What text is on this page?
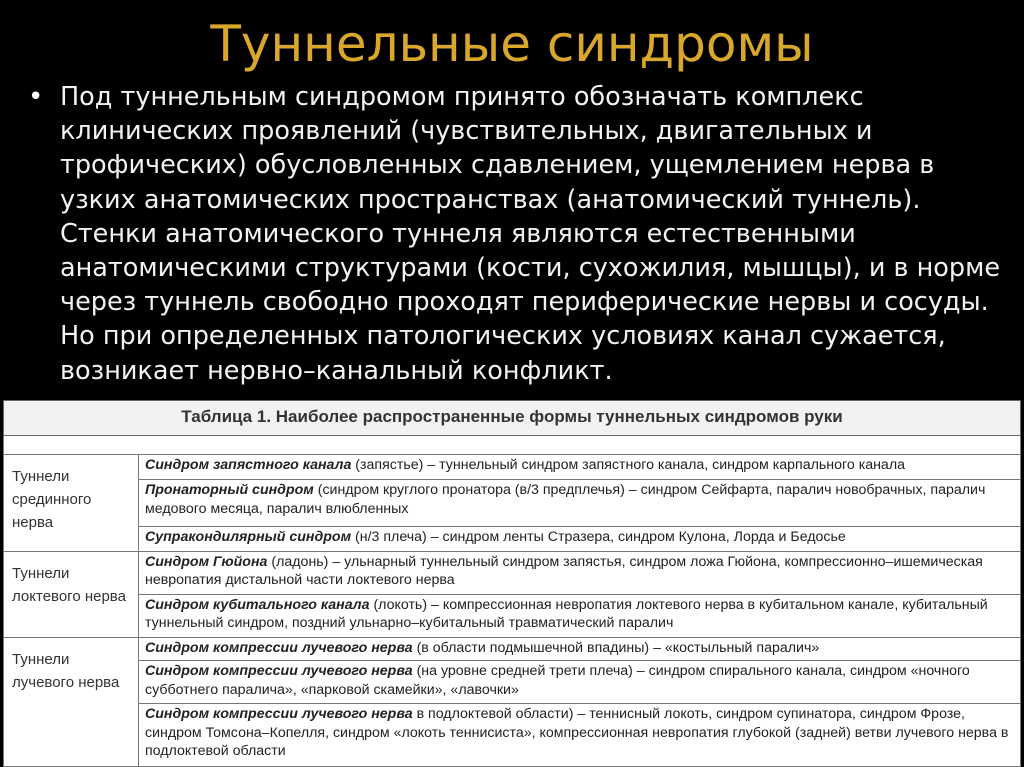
Туннельные синдромы
• Под туннельным синдромом принято обозначать комплекс клинических проявлений (чувствительных, двигательных и трофических) обусловленных сдавлением, ущемлением нерва в узких анатомических пространствах (анатомический туннель). Стенки анатомического туннеля являются естественными анатомическими структурами (кости, сухожилия, мышцы), и в норме через туннель свободно проходят периферические нервы и сосуды. Но при определенных патологических условиях канал сужается, возникает нервно–канальный конфликт.
Таблица 1. Наиболее распространенные формы туннельных синдромов руки	

Туннели срединного нерва	Синдром запястного канала (запястье) – туннельный синдром запястного канала, синдром карпального канала
	Пронаторный синдром (синдром круглого пронатора (в/3 предплечья) – синдром Сейфарта, паралич новобрачных, паралич медового месяца, паралич влюбленных
	Супракондилярный синдром (н/3 плеча) – синдром ленты Стразера, синдром Кулона, Лорда и Бедосье
Туннели локтевого нерва	Синдром Гюйона (ладонь) – ульнарный туннельный синдром запястья, синдром ложа Гюйона, компрессионно–ишемическая невропатия дистальной части локтевого нерва
	Синдром кубитального канала (локоть) – компрессионная невропатия локтевого нерва в кубитальном канале, кубитальный туннельный синдром, поздний ульнарно–кубитальный травматический паралич
Туннели лучевого нерва	Синдром компрессии лучевого нерва (в области подмышечной впадины) – «костыльный паралич»
	Синдром компрессии лучевого нерва (на уровне средней трети плеча) – синдром спирального канала, синдром «ночного субботнего паралича», «парковой скамейки», «лавочки»
	Синдром компрессии лучевого нерва в подлоктевой области) – теннисный локоть, синдром супинатора, синдром Фрозе, синдром Томсона–Копелля, синдром «локоть теннисиста», компрессионная невропатия глубокой (задней) ветви лучевого нерва в подлоктевой области
